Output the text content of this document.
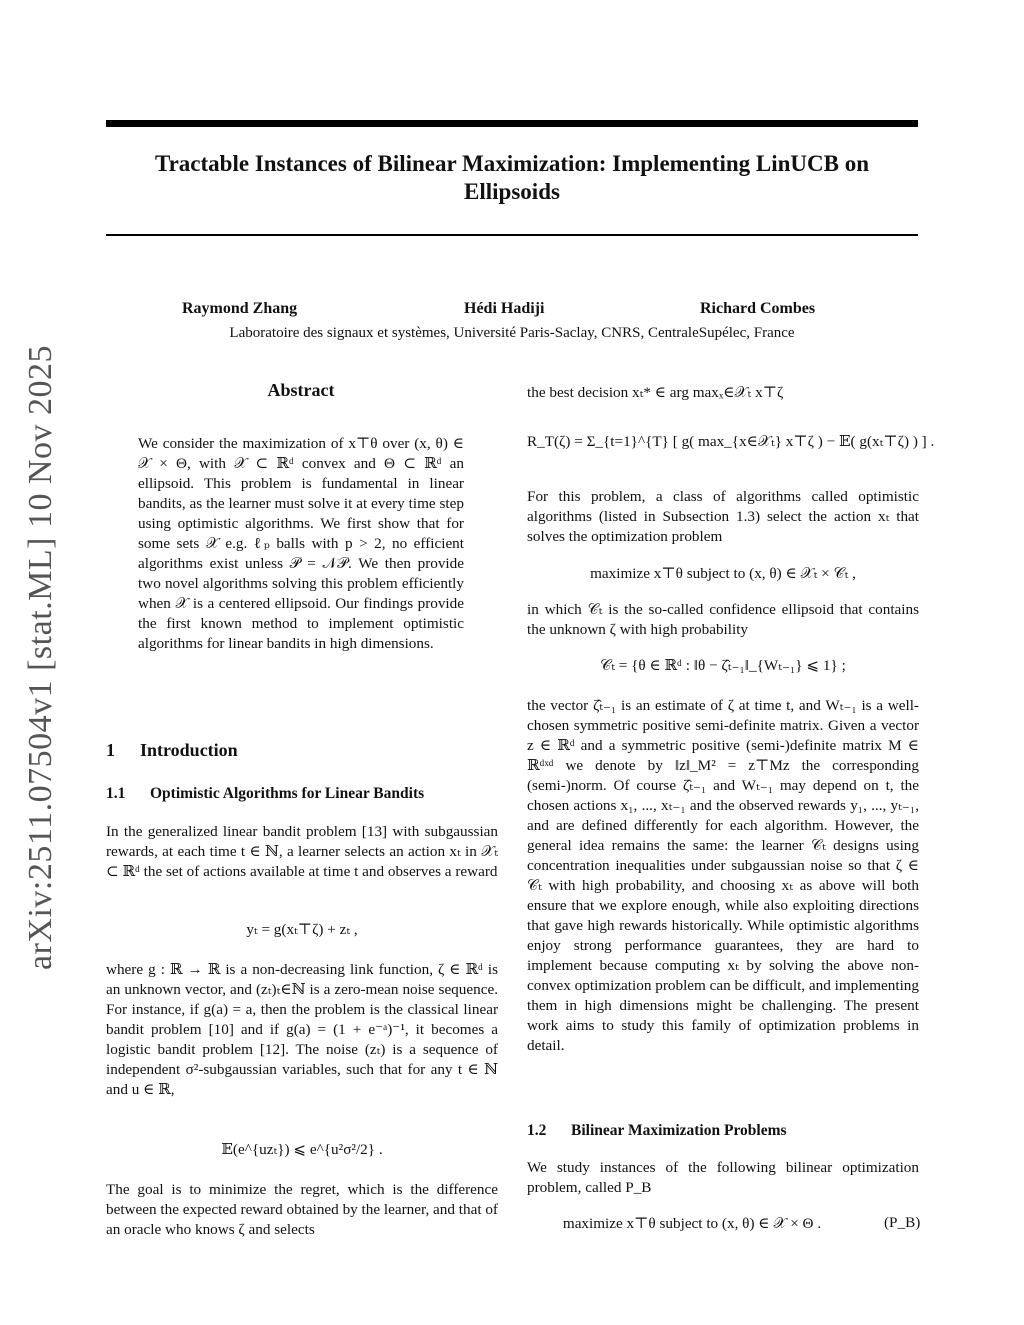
Tractable Instances of Bilinear Maximization: Implementing LinUCB on Ellipsoids
Raymond Zhang	Hédi Hadiji	Richard Combes
Laboratoire des signaux et systèmes, Université Paris-Saclay, CNRS, CentraleSupélec, France
arXiv:2511.07504v1 [stat.ML] 10 Nov 2025	Abstract

We consider the maximization of x⊤θ over (x, θ) ∈ 𝒳 × Θ, with 𝒳 ⊂ ℝᵈ convex and Θ ⊂ ℝᵈ an ellipsoid. This problem is fundamental in linear bandits, as the learner must solve it at every time step using optimistic algorithms. We first show that for some sets 𝒳 e.g. ℓₚ balls with p > 2, no efficient algorithms exist unless 𝒫 = 𝒩𝒫. We then provide two novel algorithms solving this problem efficiently when 𝒳 is a centered ellipsoid. Our findings provide the first known method to implement optimistic algorithms for linear bandits in high dimensions.

1 Introduction
1.1 Optimistic Algorithms for Linear Bandits

In the generalized linear bandit problem [13] with subgaussian rewards, at each time t ∈ ℕ, a learner selects an action xₜ in 𝒳ₜ ⊂ ℝᵈ the set of actions available at time t and observes a reward

yₜ = g(xₜ⊤ζ) + zₜ ,

where g : ℝ → ℝ is a non-decreasing link function, ζ ∈ ℝᵈ is an unknown vector, and (zₜ)ₜ∈ℕ is a zero-mean noise sequence. For instance, if g(a) = a, then the problem is the classical linear bandit problem [10] and if g(a) = (1 + e⁻ᵃ)⁻¹, it becomes a logistic bandit problem [12]. The noise (zₜ) is a sequence of independent σ²-subgaussian variables, such that for any t ∈ ℕ and u ∈ ℝ,

𝔼(e^{uzₜ}) ⩽ e^{u²σ²/2} .

The goal is to minimize the regret, which is the difference between the expected reward obtained by the learner, and that of an oracle who knows ζ and selects

the best decision xₜ* ∈ arg maxₓ∈𝒳ₜ x⊤ζ

R_T(ζ) = Σ_{t=1}^{T} [ g( max_{x∈𝒳ₜ} x⊤ζ ) − 𝔼( g(xₜ⊤ζ) ) ] .

For this problem, a class of algorithms called optimistic algorithms (listed in Subsection 1.3) select the action xₜ that solves the optimization problem

maximize x⊤θ subject to (x, θ) ∈ 𝒳ₜ × 𝒞ₜ ,

in which 𝒞ₜ is the so-called confidence ellipsoid that contains the unknown ζ with high probability

𝒞ₜ = {θ ∈ ℝᵈ : ‖θ − ζ̂ₜ₋₁‖_{Wₜ₋₁} ⩽ 1} ;

the vector ζ̂ₜ₋₁ is an estimate of ζ at time t, and Wₜ₋₁ is a well-chosen symmetric positive semi-definite matrix. Given a vector z ∈ ℝᵈ and a symmetric positive (semi-)definite matrix M ∈ ℝᵈˣᵈ we denote by ‖z‖_M² = z⊤Mz the corresponding (semi-)norm. Of course ζ̂ₜ₋₁ and Wₜ₋₁ may depend on t, the chosen actions x₁, ..., xₜ₋₁ and the observed rewards y₁, ..., yₜ₋₁, and are defined differently for each algorithm. However, the general idea remains the same: the learner 𝒞ₜ designs using concentration inequalities under subgaussian noise so that ζ ∈ 𝒞ₜ with high probability, and choosing xₜ as above will both ensure that we explore enough, while also exploiting directions that gave high rewards historically. While optimistic algorithms enjoy strong performance guarantees, they are hard to implement because computing xₜ by solving the above non-convex optimization problem can be difficult, and implementing them in high dimensions might be challenging. The present work aims to study this family of optimization problems in detail.

1.2 Bilinear Maximization Problems

We study instances of the following bilinear optimization problem, called P_B

maximize x⊤θ subject to (x, θ) ∈ 𝒳 × Θ .	(P_B)
